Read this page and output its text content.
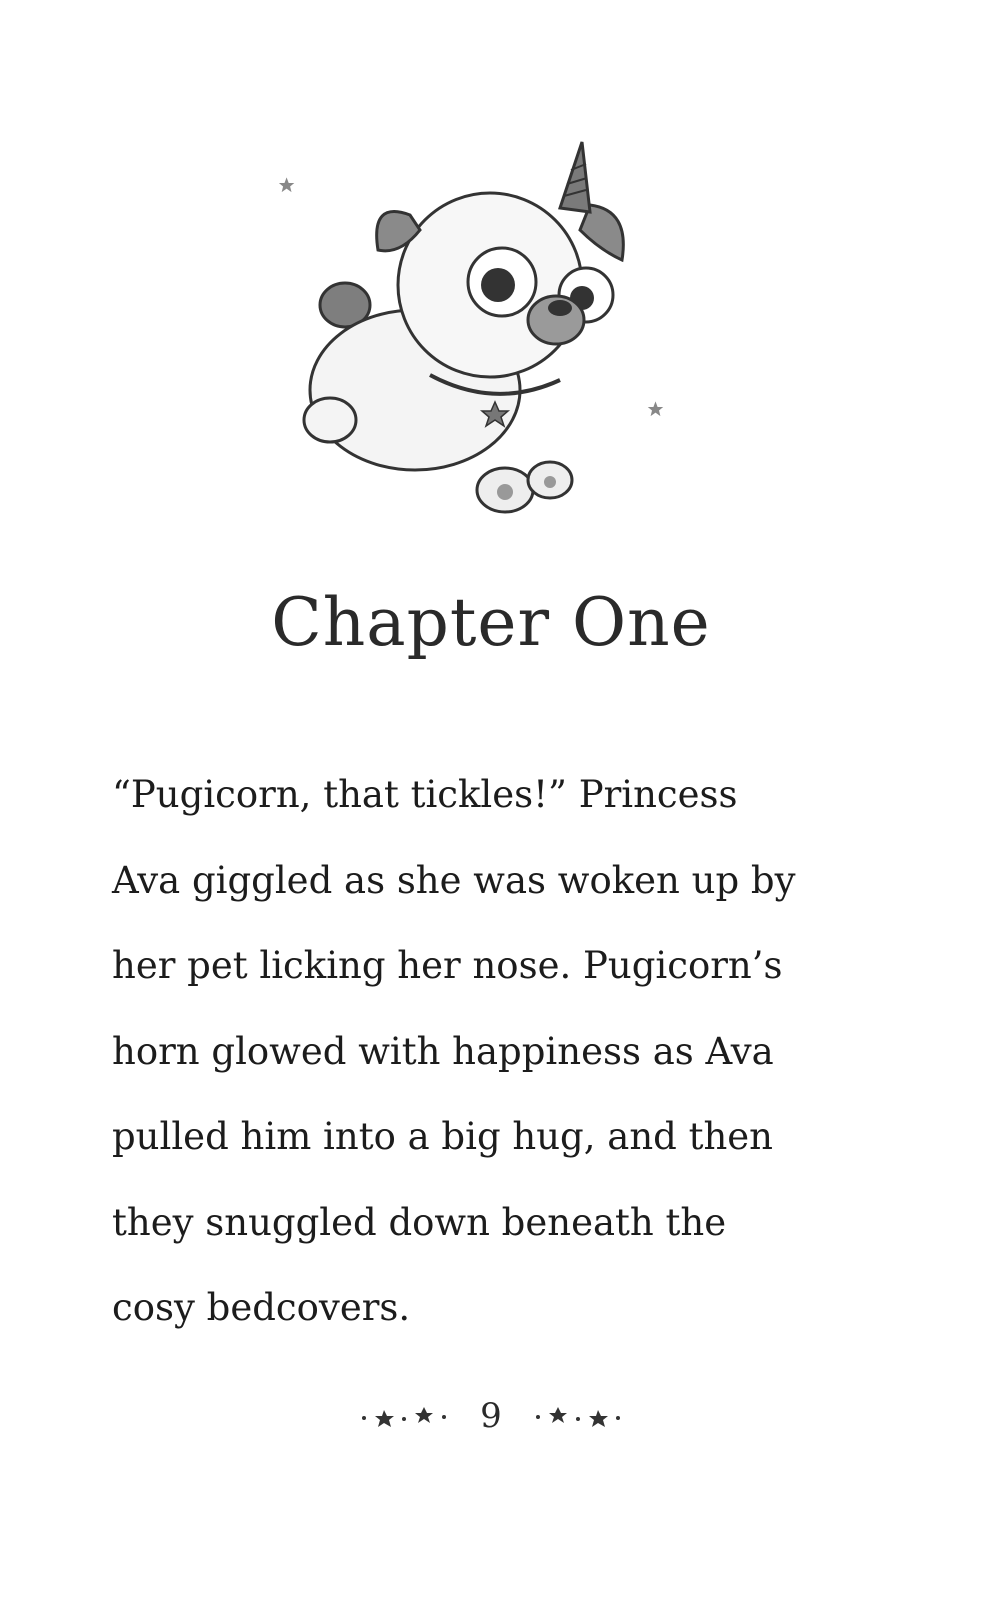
Chapter One
“Pugicorn, that tickles!” Princess
Ava giggled as she was woken up by
her pet licking her nose. Pugicorn’s
horn glowed with happiness as Ava
pulled him into a big hug, and then
they snuggled down beneath the
cosy bedcovers.
9
